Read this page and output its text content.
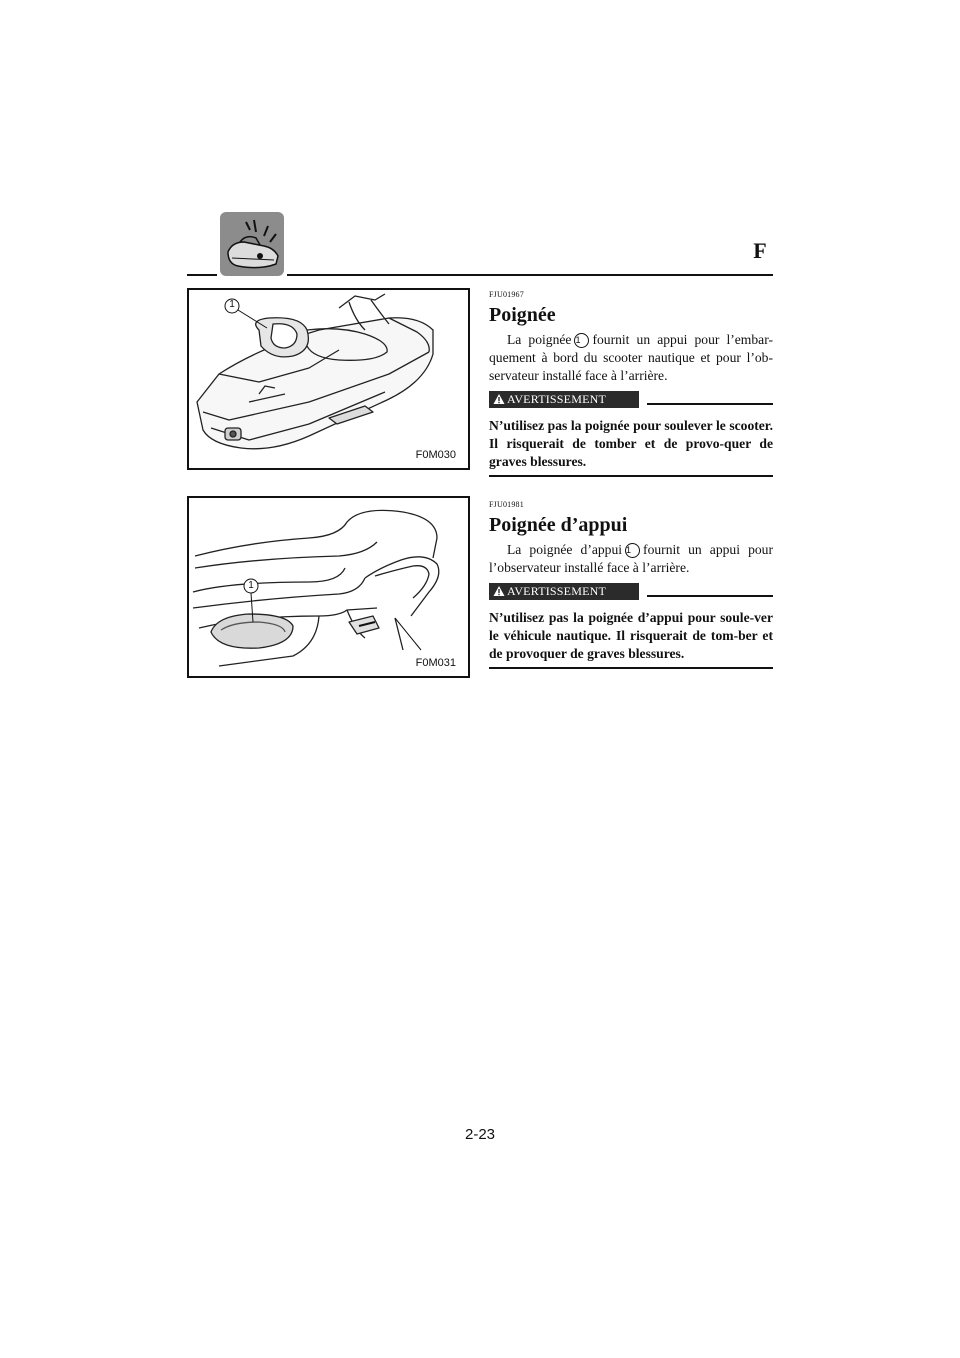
F
1
F0M030
FJU01967
Poignée
La poignée 1 fournit un appui pour l’embar-quement à bord du scooter nautique et pour l’ob-servateur installé face à l’arrière.
AVERTISSEMENT
N’utilisez pas la poignée pour soulever le scooter. Il risquerait de tomber et de provo-quer de graves blessures.
1
F0M031
FJU01981
Poignée d’appui
La poignée d’appui 1 fournit un appui pour l’observateur installé face à l’arrière.
AVERTISSEMENT
N’utilisez pas la poignée d’appui pour soule-ver le véhicule nautique. Il risquerait de tom-ber et de provoquer de graves blessures.
2-23
